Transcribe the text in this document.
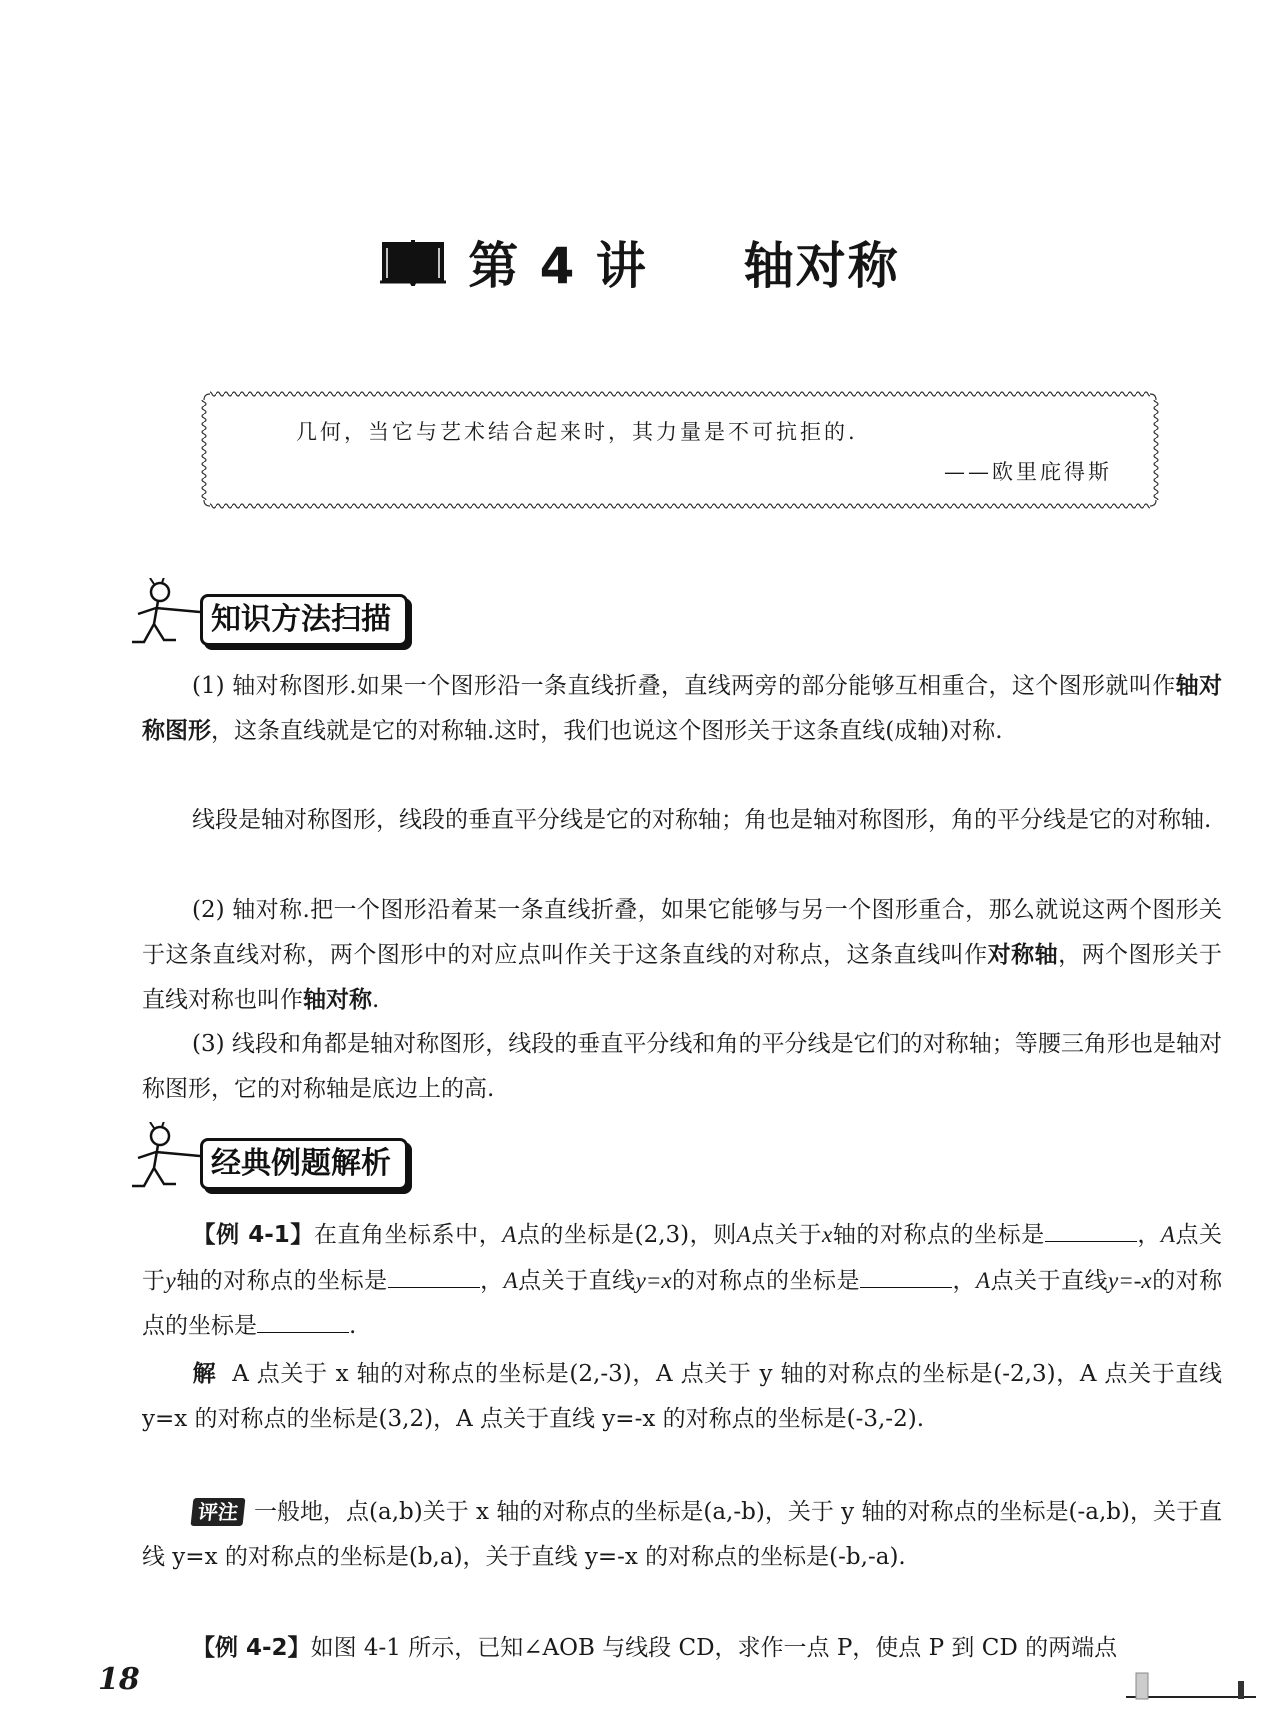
第 4 讲 轴对称
几何，当它与艺术结合起来时，其力量是不可抗拒的.
——欧里庇得斯
知识方法扫描
(1) 轴对称图形.如果一个图形沿一条直线折叠，直线两旁的部分能够互相重合，这个图形就叫作轴对称图形，这条直线就是它的对称轴.这时，我们也说这个图形关于这条直线(成轴)对称.
线段是轴对称图形，线段的垂直平分线是它的对称轴；角也是轴对称图形，角的平分线是它的对称轴.
(2) 轴对称.把一个图形沿着某一条直线折叠，如果它能够与另一个图形重合，那么就说这两个图形关于这条直线对称，两个图形中的对应点叫作关于这条直线的对称点，这条直线叫作对称轴，两个图形关于直线对称也叫作轴对称.
(3) 线段和角都是轴对称图形，线段的垂直平分线和角的平分线是它们的对称轴；等腰三角形也是轴对称图形，它的对称轴是底边上的高.
经典例题解析
【例 4-1】在直角坐标系中，A点的坐标是(2,3)，则A点关于x轴的对称点的坐标是	，A点关于y轴的对称点的坐标是	，A点关于直线y=x的对称点的坐标是	，A点关于直线y=-x的对称点的坐标是	.
解 A 点关于 x 轴的对称点的坐标是(2,-3)，A 点关于 y 轴的对称点的坐标是(-2,3)，A 点关于直线 y=x 的对称点的坐标是(3,2)，A 点关于直线 y=-x 的对称点的坐标是(-3,-2).
评注 一般地，点(a,b)关于 x 轴的对称点的坐标是(a,-b)，关于 y 轴的对称点的坐标是(-a,b)，关于直线 y=x 的对称点的坐标是(b,a)，关于直线 y=-x 的对称点的坐标是(-b,-a).
【例 4-2】如图 4-1 所示，已知∠AOB 与线段 CD，求作一点 P，使点 P 到 CD 的两端点
18
